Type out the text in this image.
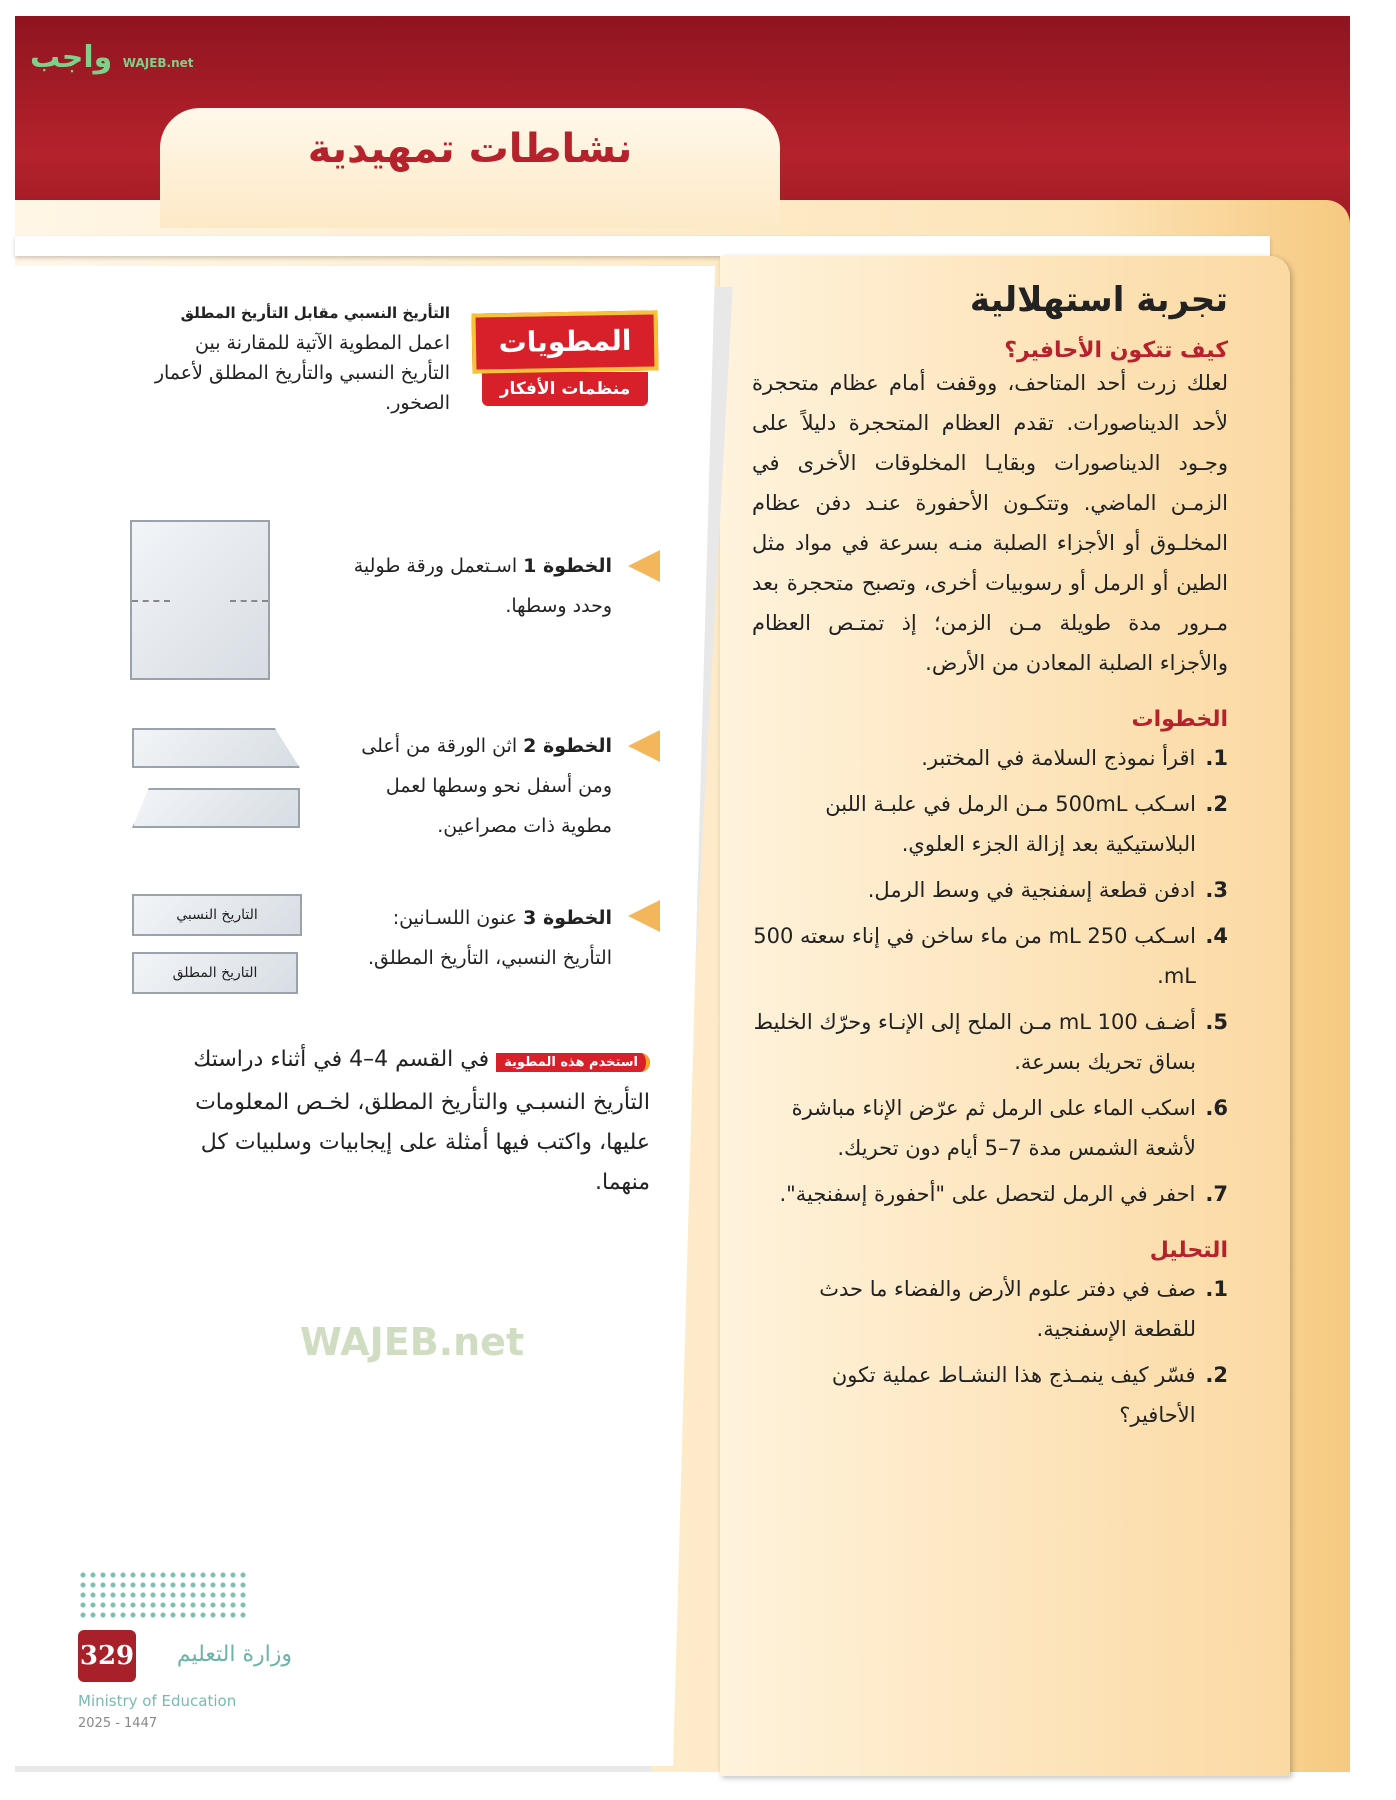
واجب WAJEB.net
نشاطات تمهيدية
تجربة استهلالية
كيف تتكون الأحافير؟
لعلك زرت أحد المتاحف، ووقفت أمام عظام متحجرة لأحد الديناصورات. تقدم العظام المتحجرة دليلاً على وجـود الديناصورات وبقايـا المخلوقات الأخرى في الزمـن الماضي. وتتكـون الأحفورة عنـد دفن عظام المخلـوق أو الأجزاء الصلبة منـه بسرعة في مواد مثل الطين أو الرمل أو رسوبيات أخرى، وتصبح متحجرة بعد مـرور مدة طويلة مـن الزمن؛ إذ تمتـص العظام والأجزاء الصلبة المعادن من الأرض.
الخطوات
1.
اقرأ نموذج السلامة في المختبر.
2.
اسـكب 500mL مـن الرمل في علبـة اللبن البلاستيكية بعد إزالة الجزء العلوي.
3.
ادفن قطعة إسفنجية في وسط الرمل.
4.
اسـكب 250 mL من ماء ساخن في إناء سعته 500 mL.
5.
أضـف 100 mL مـن الملح إلى الإنـاء وحرّك الخليط بساق تحريك بسرعة.
6.
اسكب الماء على الرمل ثم عرّض الإناء مباشرة لأشعة الشمس مدة 7–5 أيام دون تحريك.
7.
احفر في الرمل لتحصل على "أحفورة إسفنجية".
التحليل
1.
صف في دفتر علوم الأرض والفضاء ما حدث للقطعة الإسفنجية.
2.
فسّر كيف ينمـذج هذا النشـاط عملية تكون الأحافير؟
المطويات
منظمات الأفكار
التأريخ النسبي مقابل التأريخ المطلق
اعمل المطوية الآتية للمقارنة بين التأريخ النسبي والتأريخ المطلق لأعمار الصخور.
الخطوة 1 اسـتعمل ورقة طولية وحدد وسطها.
الخطوة 2 اثن الورقة من أعلى ومن أسفل نحو وسطها لعمل مطوية ذات مصراعين.
الخطوة 3 عنون اللسـانين: التأريخ النسبي، التأريخ المطلق.
التاريخ النسبي
التاريخ المطلق
استخدم هذه المطوية في القسم 4–4 في أثناء دراستك التأريخ النسبـي والتأريخ المطلق، لخـص المعلومات عليها، واكتب فيها أمثلة على إيجابيات وسلبيات كل منهما.
WAJEB.net
329	وزارة التعليم
Ministry of Education
2025 - 1447
